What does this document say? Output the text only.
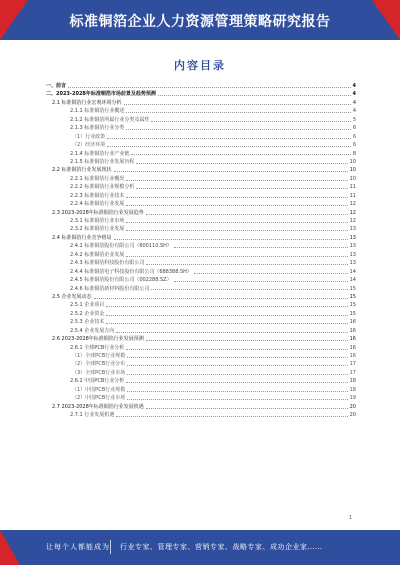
标准铜箔企业人力资源管理策略研究报告
内容目录
一、前言	4
二、2023-2028年标准铜箔市场前景及趋势预测	4
2.1 标准铜箔行业宏观环境分析	4
2.1.1 标准铜箔行业概述	4
2.1.2 标准铜箔所属行业分类及属性	5
2.1.3 标准铜箔行业分类	6
（1）行业政策	6
（2）经济环境	6
2.1.4 标准铜箔行业产业链	8
2.1.5 标准铜箔行业发展历程	10
2.2 标准铜箔行业发展现状	10
2.2.1 标准铜箔行业概况	10
2.2.2 标准铜箔行业规模分析	11
2.2.3 标准铜箔行业技术	11
2.2.4 标准铜箔行业发展	12
2.3 2023-2028年标准铜箔行业发展趋势	12
2.3.1 标准铜箔行业市场	12
2.3.2 标准铜箔行业发展	13
2.4 标准铜箔行业竞争格局	13
2.4.1 标准铜箔股份有限公司（600110.SH）	13
2.4.2 标准铜箔企业发展	13
2.4.3 标准铜箔科技股份有限公司	13
2.4.4 标准铜箔电子科技股份有限公司（688388.SH）	14
2.4.5 标准铜箔股份有限公司（002288.SZ）	14
2.4.6 标准铜箔新材料股份有限公司	15
2.5 企业发展动态	15
2.5.1 企业项目	15
2.5.2 企业资金	15
2.5.3 企业技术	16
2.5.4 企业发展方向	16
2.6 2023-2028年标准铜箔行业发展预测	16
2.6.1 全球PCB行业分析	16
（1）全球PCB行业规模	16
（2）全球PCB行业分布	17
（3）全球PCB行业市场	17
2.6.2 中国PCB行业分析	18
（1）中国PCB行业规模	18
（2）中国PCB行业市场	19
2.7 2023-2028年标准铜箔行业发展机遇	20
2.7.1 行业发展机遇	20
1
让每个人都能成为 行业专家、管理专家、营销专家、战略专家、成功企业家……
